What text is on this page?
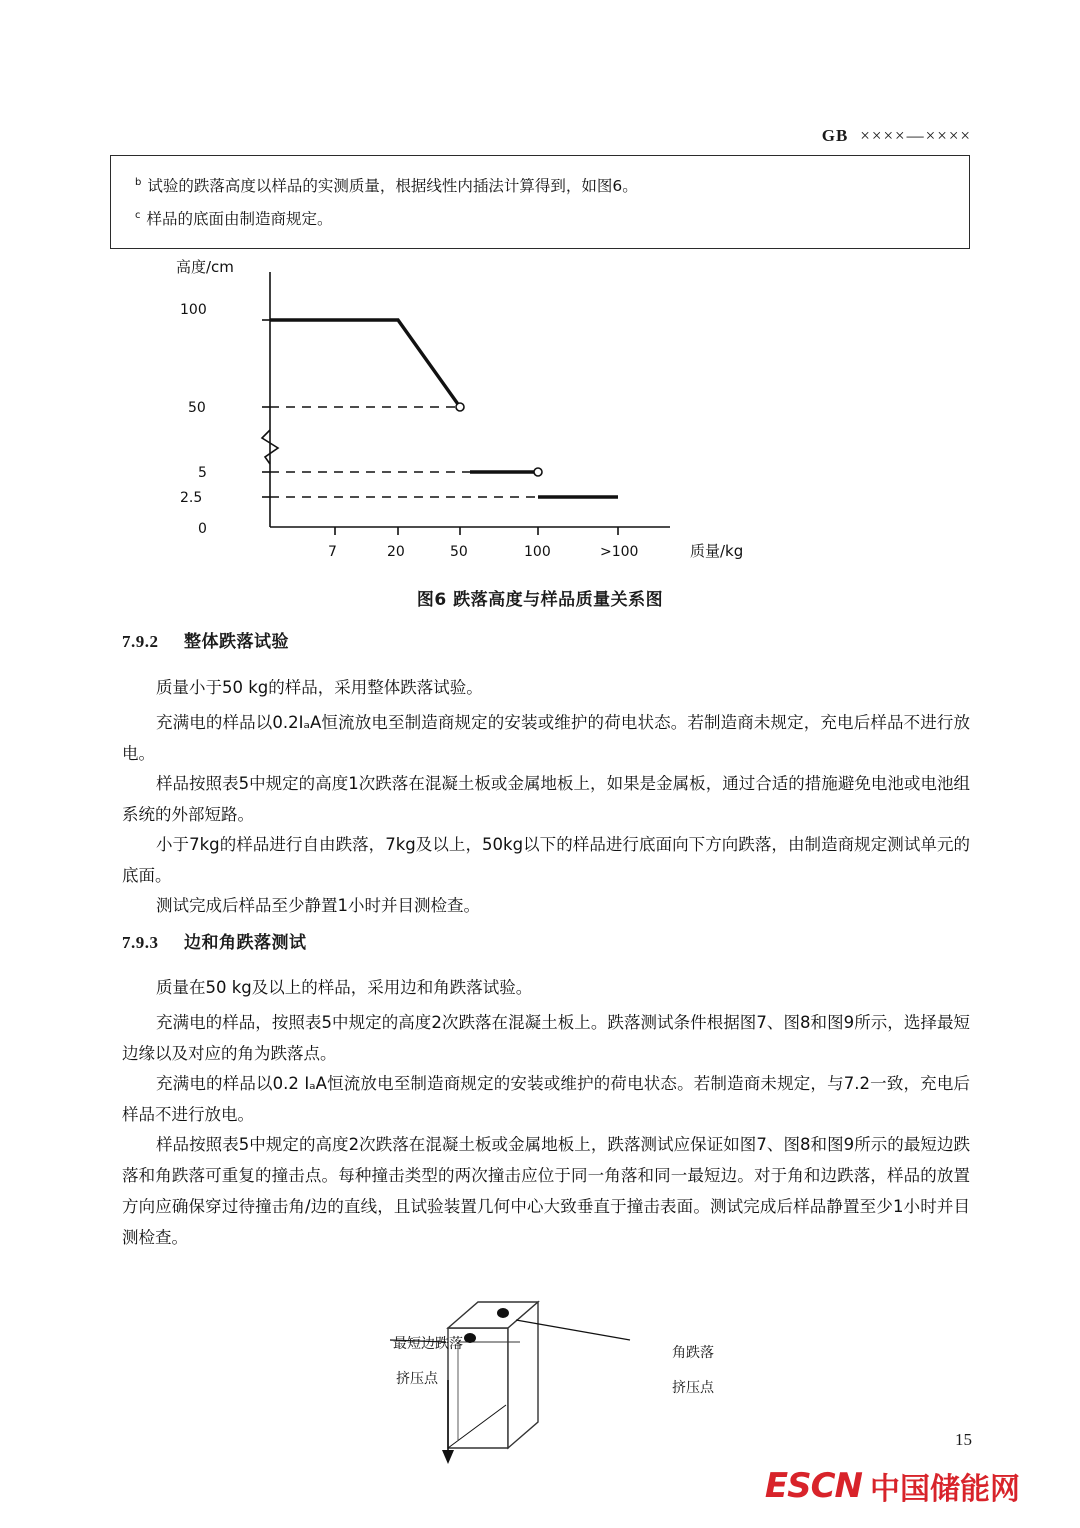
GB ××××—××××
$^b$ 试验的跌落高度以样品的实测质量，根据线性内插法计算得到，如图6。
$^c$ 样品的底面由制造商规定。
100
50
5
2.5
0
高度/cm
7	20	50	100	>100	质量/kg
图6 跌落高度与样品质量关系图
7.9.2 整体跌落试验
质量小于50 kg的样品，采用整体跌落试验。
充满电的样品以0.2IₐA恒流放电至制造商规定的安装或维护的荷电状态。若制造商未规定，充电后样品不进行放电。
样品按照表5中规定的高度1次跌落在混凝土板或金属地板上，如果是金属板，通过合适的措施避免电池或电池组系统的外部短路。
小于7kg的样品进行自由跌落，7kg及以上，50kg以下的样品进行底面向下方向跌落，由制造商规定测试单元的底面。
测试完成后样品至少静置1小时并目测检查。
7.9.3 边和角跌落测试
质量在50 kg及以上的样品，采用边和角跌落试验。
充满电的样品，按照表5中规定的高度2次跌落在混凝土板上。跌落测试条件根据图7、图8和图9所示，选择最短边缘以及对应的角为跌落点。
充满电的样品以0.2 IₐA恒流放电至制造商规定的安装或维护的荷电状态。若制造商未规定，与7.2一致，充电后样品不进行放电。
样品按照表5中规定的高度2次跌落在混凝土板或金属地板上，跌落测试应保证如图7、图8和图9所示的最短边跌落和角跌落可重复的撞击点。每种撞击类型的两次撞击应位于同一角落和同一最短边。对于角和边跌落，样品的放置方向应确保穿过待撞击角/边的直线，且试验装置几何中心大致垂直于撞击表面。测试完成后样品静置至少1小时并目测检查。
最短边跌落
挤压点
角跌落
挤压点
15
ESCN 中国储能网
